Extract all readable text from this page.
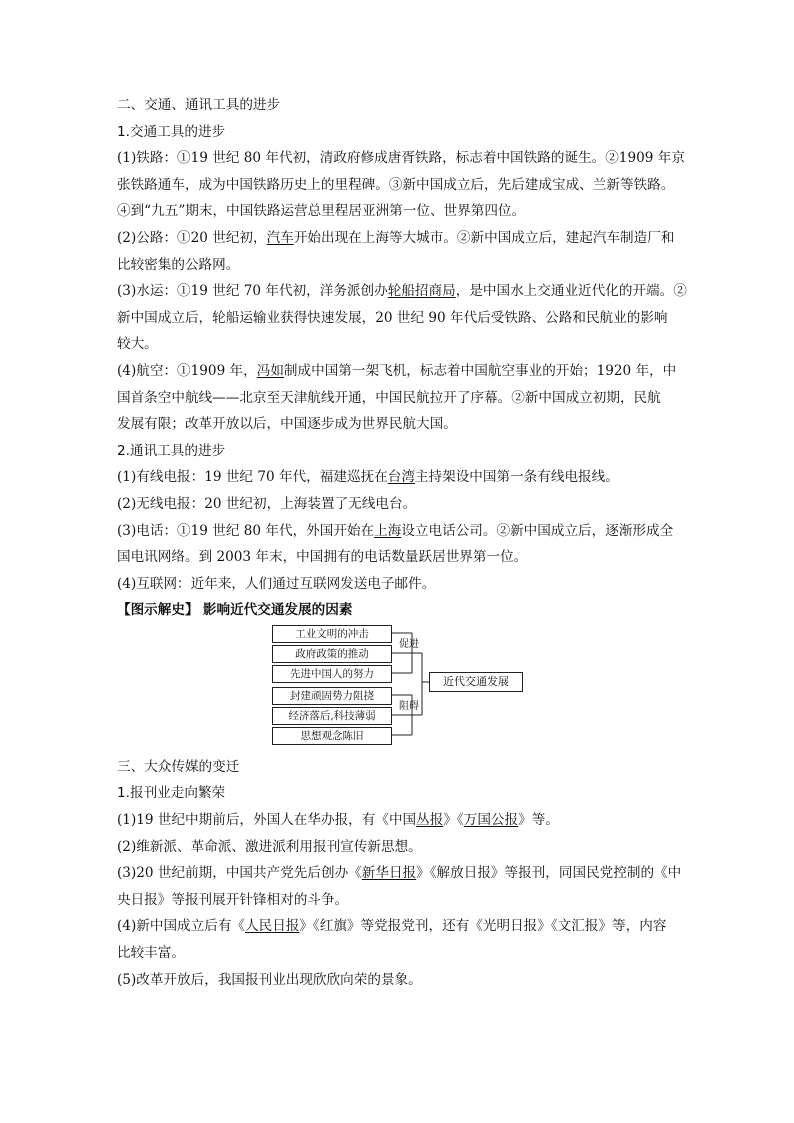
二、交通、通讯工具的进步
1.交通工具的进步
(1)铁路：①19 世纪 80 年代初，清政府修成唐胥铁路，标志着中国铁路的诞生。②1909 年京
张铁路通车，成为中国铁路历史上的里程碑。③新中国成立后，先后建成宝成、兰新等铁路。
④到“九五”期末，中国铁路运营总里程居亚洲第一位、世界第四位。
(2)公路：①20 世纪初，汽车开始出现在上海等大城市。②新中国成立后，建起汽车制造厂和
比较密集的公路网。
(3)水运：①19 世纪 70 年代初，洋务派创办轮船招商局，是中国水上交通业近代化的开端。②
新中国成立后，轮船运输业获得快速发展，20 世纪 90 年代后受铁路、公路和民航业的影响
较大。
(4)航空：①1909 年，冯如制成中国第一架飞机，标志着中国航空事业的开始；1920 年，中
国首条空中航线——北京至天津航线开通，中国民航拉开了序幕。②新中国成立初期，民航
发展有限；改革开放以后，中国逐步成为世界民航大国。
2.通讯工具的进步
(1)有线电报：19 世纪 70 年代，福建巡抚在台湾主持架设中国第一条有线电报线。
(2)无线电报：20 世纪初，上海装置了无线电台。
(3)电话：①19 世纪 80 年代，外国开始在上海设立电话公司。②新中国成立后，逐渐形成全
国电讯网络。到 2003 年末，中国拥有的电话数量跃居世界第一位。
(4)互联网：近年来，人们通过互联网发送电子邮件。
【图示解史】 影响近代交通发展的因素
工业文明的冲击
政府政策的推动
先进中国人的努力
封建顽固势力阻挠
经济落后,科技薄弱
思想观念陈旧
促进
阻碍
近代交通发展
三、大众传媒的变迁
1.报刊业走向繁荣
(1)19 世纪中期前后，外国人在华办报，有《中国丛报》《万国公报》等。
(2)维新派、革命派、激进派利用报刊宣传新思想。
(3)20 世纪前期，中国共产党先后创办《新华日报》《解放日报》等报刊，同国民党控制的《中
央日报》等报刊展开针锋相对的斗争。
(4)新中国成立后有《人民日报》《红旗》等党报党刊，还有《光明日报》《文汇报》等，内容
比较丰富。
(5)改革开放后，我国报刊业出现欣欣向荣的景象。
